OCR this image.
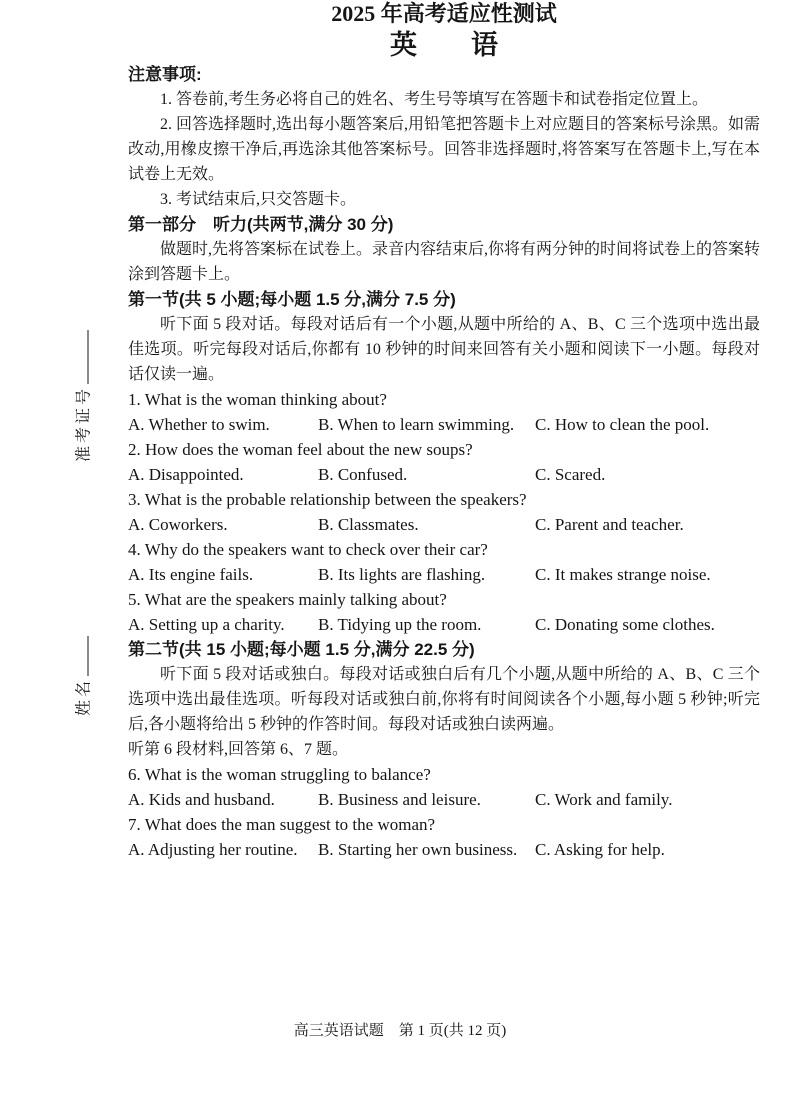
准考证号
姓名
2025 年高考适应性测试
英　　语

注意事项:

1. 答卷前,考生务必将自己的姓名、考生号等填写在答题卡和试卷指定位置上。

2. 回答选择题时,选出每小题答案后,用铅笔把答题卡上对应题目的答案标号涂黑。如需改动,用橡皮擦干净后,再选涂其他答案标号。回答非选择题时,将答案写在答题卡上,写在本试卷上无效。

3. 考试结束后,只交答题卡。

第一部分　听力(共两节,满分 30 分)

做题时,先将答案标在试卷上。录音内容结束后,你将有两分钟的时间将试卷上的答案转涂到答题卡上。

第一节(共 5 小题;每小题 1.5 分,满分 7.5 分)

听下面 5 段对话。每段对话后有一个小题,从题中所给的 A、B、C 三个选项中选出最佳选项。听完每段对话后,你都有 10 秒钟的时间来回答有关小题和阅读下一小题。每段对话仅读一遍。

1. What is the woman thinking about?

A. Whether to swim.	B. When to learn swimming.	C. How to clean the pool.

2. How does the woman feel about the new soups?

A. Disappointed.	B. Confused.	C. Scared.

3. What is the probable relationship between the speakers?

A. Coworkers.	B. Classmates.	C. Parent and teacher.

4. Why do the speakers want to check over their car?

A. Its engine fails.	B. Its lights are flashing.	C. It makes strange noise.

5. What are the speakers mainly talking about?

A. Setting up a charity.	B. Tidying up the room.	C. Donating some clothes.

第二节(共 15 小题;每小题 1.5 分,满分 22.5 分)

听下面 5 段对话或独白。每段对话或独白后有几个小题,从题中所给的 A、B、C 三个选项中选出最佳选项。听每段对话或独白前,你将有时间阅读各个小题,每小题 5 秒钟;听完后,各小题将给出 5 秒钟的作答时间。每段对话或独白读两遍。

听第 6 段材料,回答第 6、7 题。

6. What is the woman struggling to balance?

A. Kids and husband.	B. Business and leisure.	C. Work and family.

7. What does the man suggest to the woman?

A. Adjusting her routine.	B. Starting her own business.	C. Asking for help.
高三英语试题　第 1 页(共 12 页)
